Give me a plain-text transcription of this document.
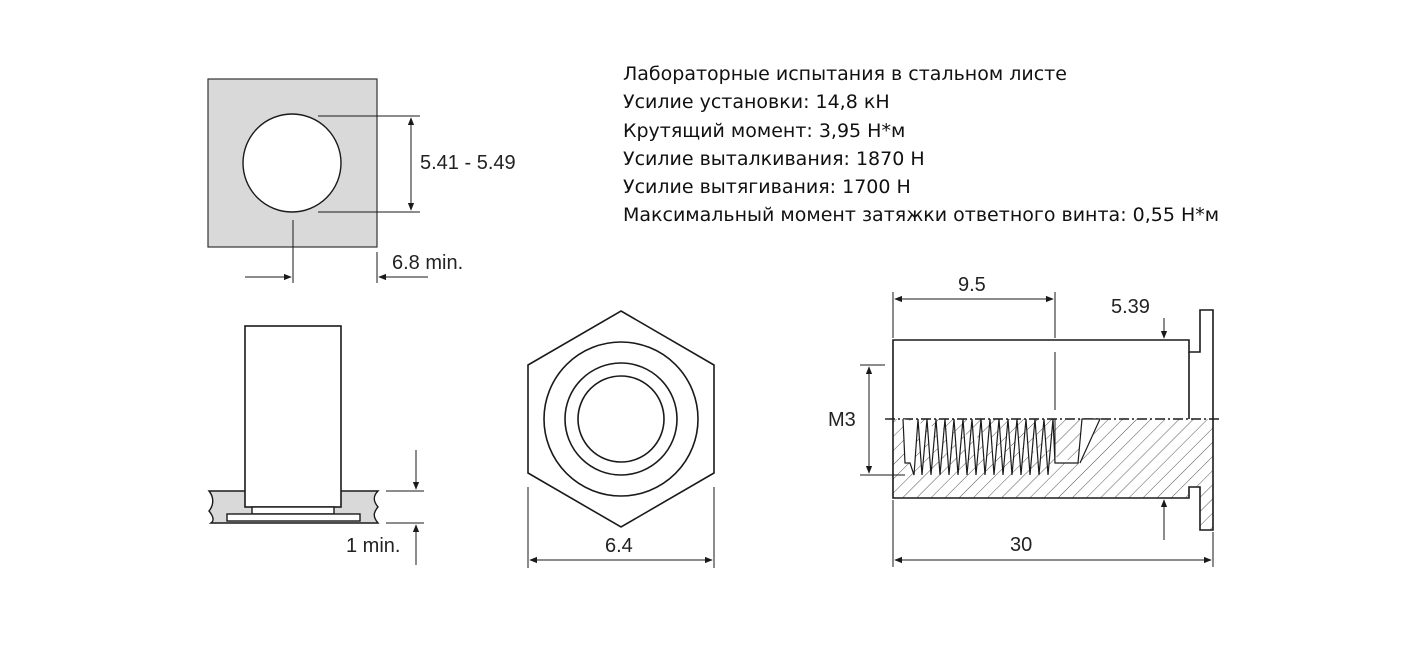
5.41 - 5.49
6.8 min.
1 min.	6.4
9.5
5.39
M3
30
Лабораторные испытания в стальном листе
Усилие установки: 14,8 кН
Крутящий момент: 3,95 Н*м
Усилие выталкивания: 1870 Н
Усилие вытягивания: 1700 Н
Максимальный момент затяжки ответного винта: 0,55 Н*м
